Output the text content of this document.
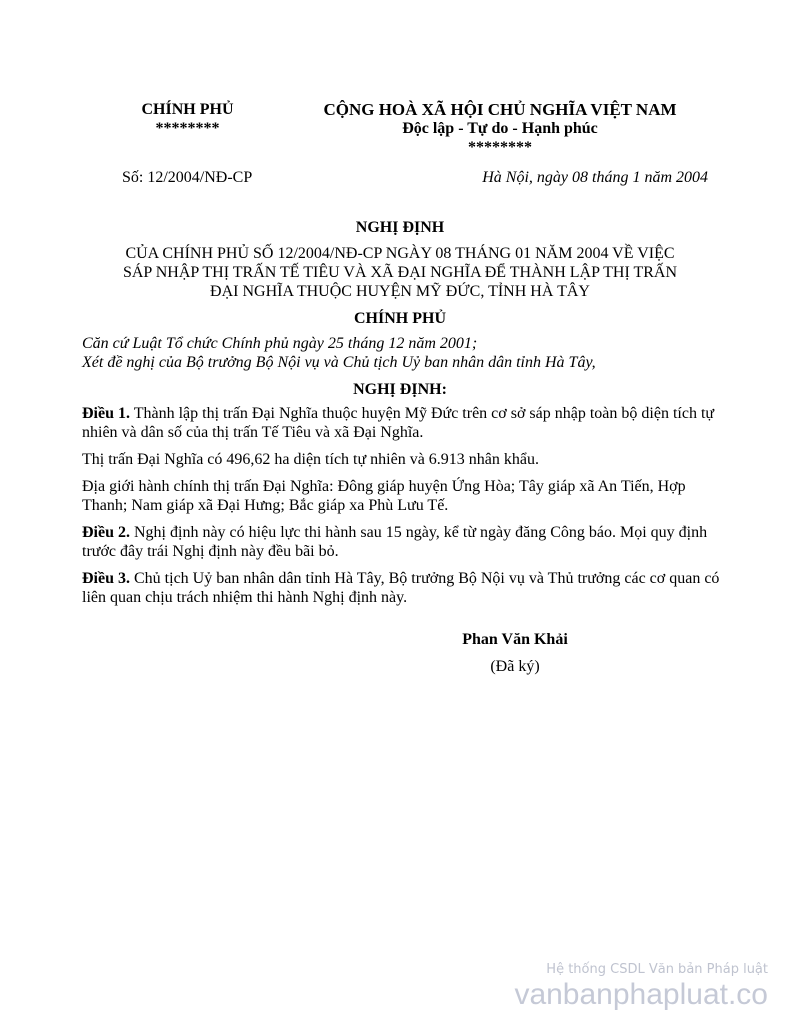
CHÍNH PHỦ
********
CỘNG HOÀ XÃ HỘI CHỦ NGHĨA VIỆT NAM
Độc lập - Tự do - Hạnh phúc
********
Số: 12/2004/NĐ-CP	Hà Nội, ngày 08 tháng 1 năm 2004
NGHỊ ĐỊNH
CỦA CHÍNH PHỦ SỐ 12/2004/NĐ-CP NGÀY 08 THÁNG 01 NĂM 2004 VỀ VIỆC SÁP NHẬP THỊ TRẤN TẾ TIÊU VÀ XÃ ĐẠI NGHĨA ĐỂ THÀNH LẬP THỊ TRẤN ĐẠI NGHĨA THUỘC HUYỆN MỸ ĐỨC, TỈNH HÀ TÂY
CHÍNH PHỦ
Căn cứ Luật Tổ chức Chính phủ ngày 25 tháng 12 năm 2001;
Xét đề nghị của Bộ trưởng Bộ Nội vụ và Chủ tịch Uỷ ban nhân dân tỉnh Hà Tây,
NGHỊ ĐỊNH:

Điều 1. Thành lập thị trấn Đại Nghĩa thuộc huyện Mỹ Đức trên cơ sở sáp nhập toàn bộ diện tích tự nhiên và dân số của thị trấn Tế Tiêu và xã Đại Nghĩa.

Thị trấn Đại Nghĩa có 496,62 ha diện tích tự nhiên và 6.913 nhân khẩu.

Địa giới hành chính thị trấn Đại Nghĩa: Đông giáp huyện Ứng Hòa; Tây giáp xã An Tiến, Hợp Thanh; Nam giáp xã Đại Hưng; Bắc giáp xa Phù Lưu Tế.

Điều 2. Nghị định này có hiệu lực thi hành sau 15 ngày, kể từ ngày đăng Công báo. Mọi quy định trước đây trái Nghị định này đều bãi bỏ.

Điều 3. Chủ tịch Uỷ ban nhân dân tỉnh Hà Tây, Bộ trưởng Bộ Nội vụ và Thủ trưởng các cơ quan có liên quan chịu trách nhiệm thi hành Nghị định này.

Phan Văn Khải
(Đã ký)
Hệ thống CSDL Văn bản Pháp luật
vanbanphapluat.co
